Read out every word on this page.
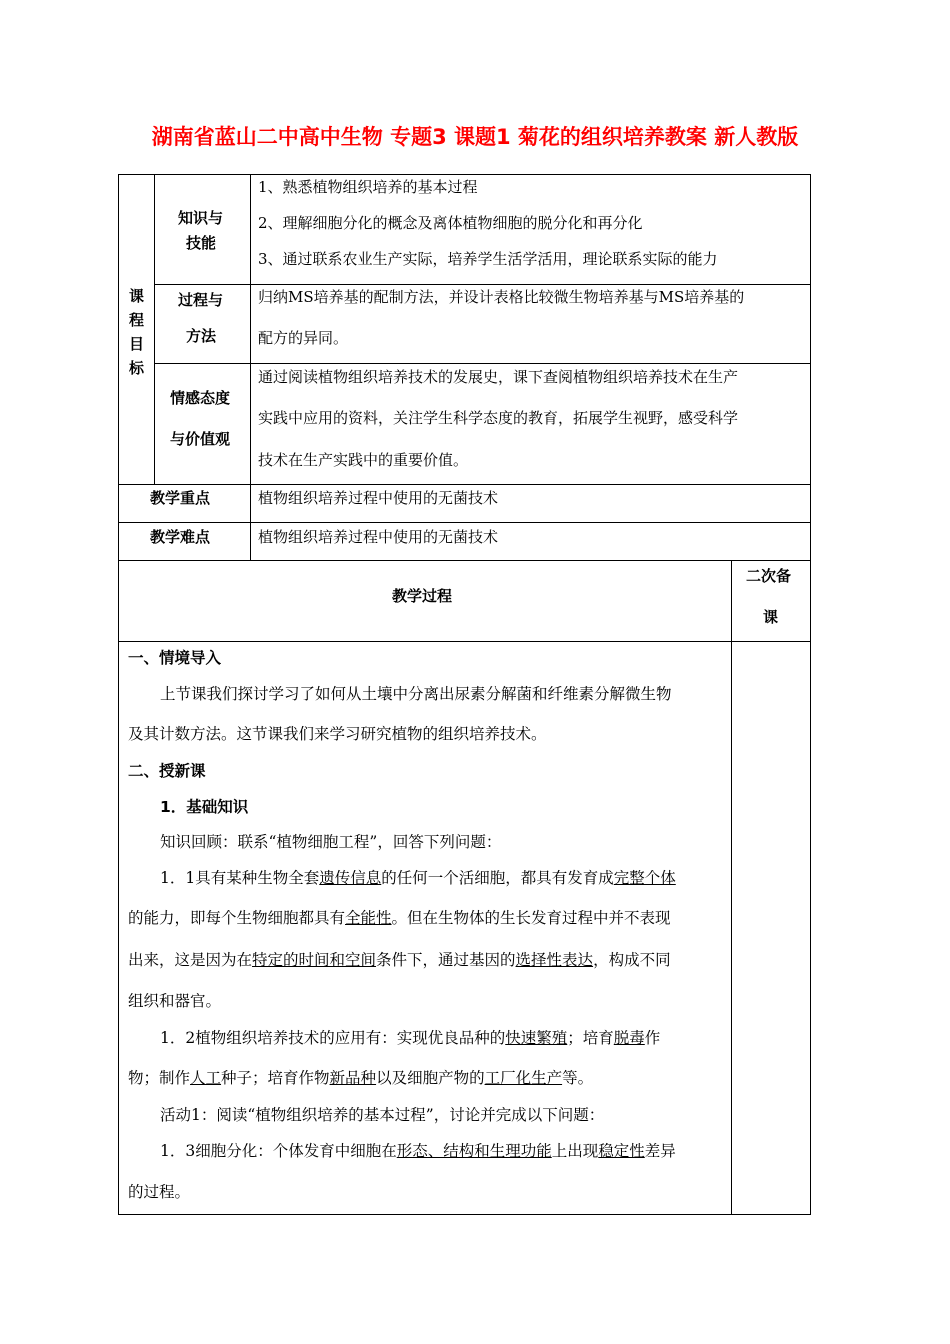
湖南省蓝山二中高中生物 专题3 课题1 菊花的组织培养教案 新人教版
课
程
目
标
知识与
技能
1、熟悉植物组织培养的基本过程
2、理解细胞分化的概念及离体植物细胞的脱分化和再分化
3、通过联系农业生产实际，培养学生活学活用，理论联系实际的能力
过程与
方法
归纳MS培养基的配制方法，并设计表格比较微生物培养基与MS培养基的
配方的异同。
情感态度
与价值观
通过阅读植物组织培养技术的发展史，课下查阅植物组织培养技术在生产
实践中应用的资料，关注学生科学态度的教育，拓展学生视野，感受科学
技术在生产实践中的重要价值。
教学重点	植物组织培养过程中使用的无菌技术
教学难点	植物组织培养过程中使用的无菌技术
教学过程
二次备
课
一、情境导入
上节课我们探讨学习了如何从土壤中分离出尿素分解菌和纤维素分解微生物
及其计数方法。这节课我们来学习研究植物的组织培养技术。
二、授新课
1．基础知识
知识回顾：联系“植物细胞工程”，回答下列问题：
1．1具有某种生物全套遗传信息的任何一个活细胞，都具有发育成完整个体
的能力，即每个生物细胞都具有全能性。但在生物体的生长发育过程中并不表现
出来，这是因为在特定的时间和空间条件下，通过基因的选择性表达，构成不同
组织和器官。
1．2植物组织培养技术的应用有：实现优良品种的快速繁殖；培育脱毒作
物；制作人工种子；培育作物新品种以及细胞产物的工厂化生产等。
活动1：阅读“植物组织培养的基本过程”，讨论并完成以下问题：
1．3细胞分化：个体发育中细胞在形态、结构和生理功能上出现稳定性差异
的过程。
